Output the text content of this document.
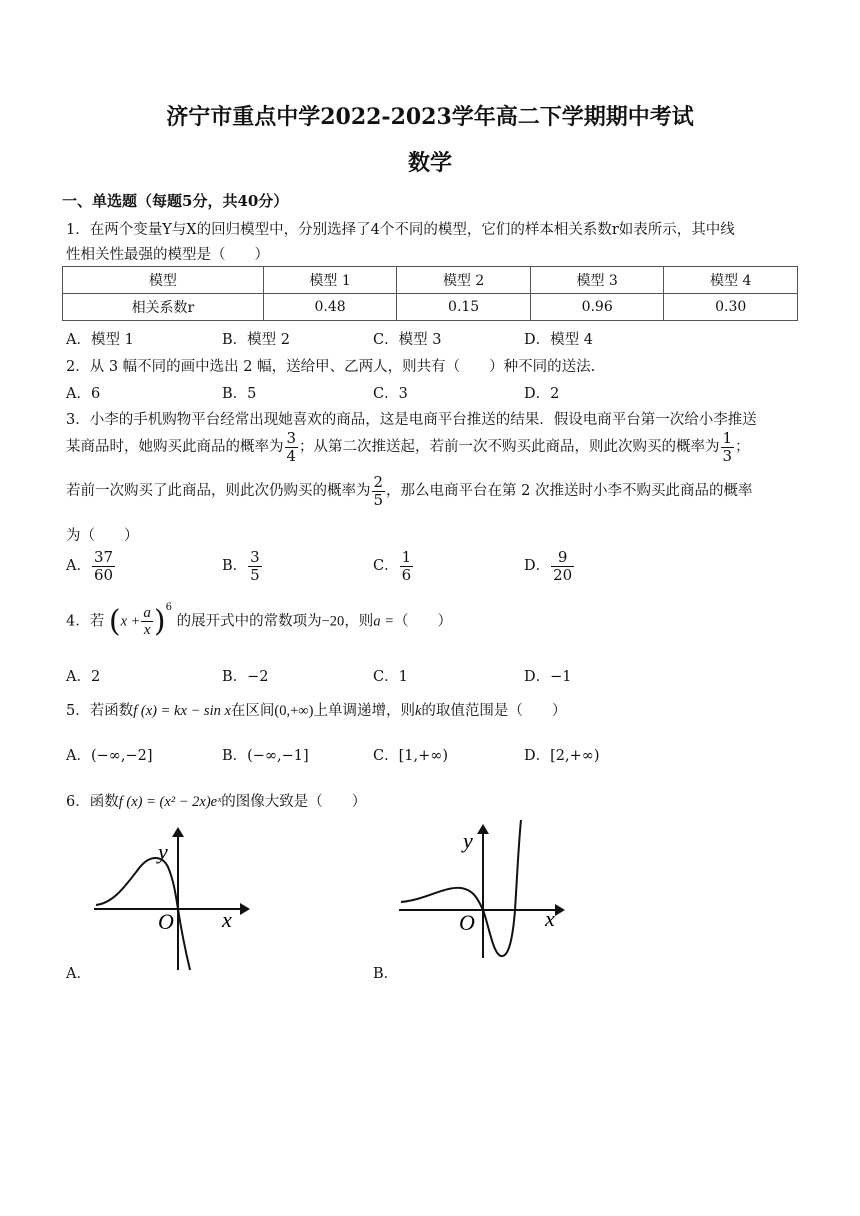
济宁市重点中学2022-2023学年高二下学期期中考试
数学
一、单选题（每题5分，共40分）
1．在两个变量Y与X的回归模型中，分别选择了4个不同的模型，它们的样本相关系数r如表所示，其中线
性相关性最强的模型是（　　）
模型	模型 1	模型 2	模型 3	模型 4
相关系数r	0.48	0.15	0.96	0.30
A．模型 1	B．模型 2	C．模型 3	D．模型 4
2．从 3 幅不同的画中选出 2 幅，送给甲、乙两人，则共有（　　）种不同的送法.
A．6	B．5	C．3	D．2
3．小李的手机购物平台经常出现她喜欢的商品，这是电商平台推送的结果．假设电商平台第一次给小李推送
某商品时，她购买此商品的概率为 $\frac{3}{4}$ ；从第二次推送起，若前一次不购买此商品，则此次购买的概率为 $\frac{1}{3}$ ；
若前一次购买了此商品，则此次仍购买的概率为 $\frac{2}{5}$ ，那么电商平台在第 2 次推送时小李不购买此商品的概率
为（　　）
A． $\frac{37}{60}$	B． $\frac{3}{5}$	C． $\frac{1}{6}$	D． $\frac{9}{20}$
4．若 $(x + \frac{a}{x} )^6$ 的展开式中的常数项为−20，则a =（　　）
A．2	B．−2	C．1	D．−1
5．若函数f (x) = kx − sin x在区间(0,+∞)上单调递增，则k的取值范围是（　　）
A．(−∞,−2]	B．(−∞,−1]	C．[1,+∞)	D．[2,+∞)
6．函数f (x) = (x² − 2x)eˣ的图像大致是（　　）
y
x
O
y
x
O
A．	B．
